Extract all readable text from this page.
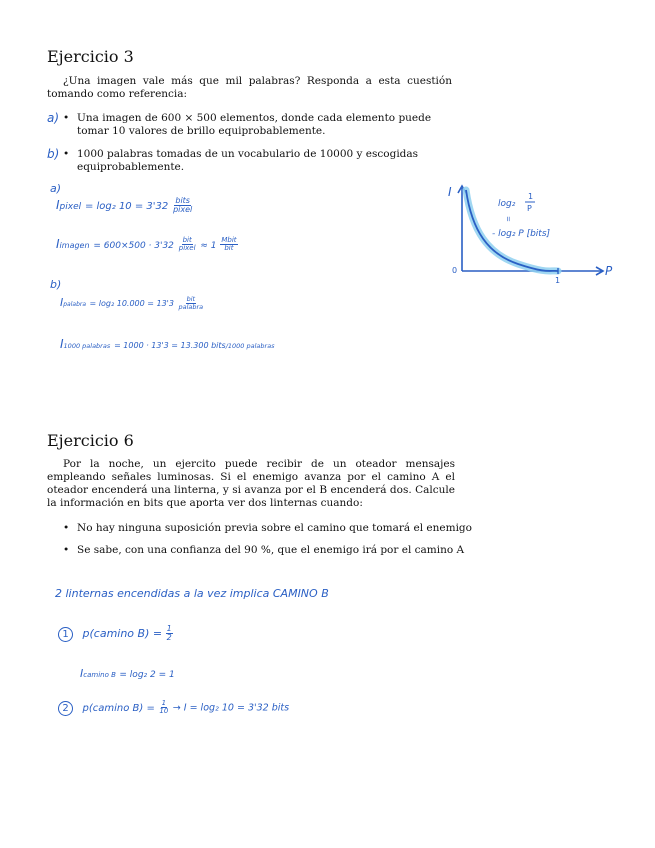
Ejercicio 3
¿Una imagen vale más que mil palabras? Responda a esta cuestión tomando como referencia:
a) • Una imagen de 600 × 500 elementos, donde cada elemento puede tomar 10 valores de brillo equiprobablemente.
b) • 1000 palabras tomadas de un vocabulario de 10000 y escogidas equiprobablemente.
a)
Ipixel = log₂ $10 = 3'32 \frac{\text{bits}}{\text{pixel}}$
Iimagen = $600\times 500 \cdot 3'32 \frac{\text{bit}}{\text{pixel}} \approx 1 \frac{\text{Mbit}}{\text{bit}}$
b)
Ipalabra = log₂ $10.000 = 13'3 \frac{\text{bit}}{\text{palabra}}$
I1000 palabras = 1000 · 13'3 = 13.300 bits/1000 palabras
I
P
0
1
log₂
1
P
=
- log₂ P [bits]
Ejercicio 6
Por la noche, un ejercito puede recibir de un oteador mensajes empleando señales luminosas. Si el enemigo avanza por el camino A el oteador encenderá una linterna, y si avanza por el B encenderá dos. Calcule la información en bits que aporta ver dos linternas cuando:
• No hay ninguna suposición previa sobre el camino que tomará el enemigo
• Se sabe, con una confianza del 90 %, que el enemigo irá por el camino A
2 linternas encendidas a la vez implica CAMINO B
1 p(camino $B) = \frac{1}{2}$
Icamino B = log₂ 2 = 1
2 p(camino $B) = \frac{1}{10} \to I = \log_2$ 10 = 3'32 bits
